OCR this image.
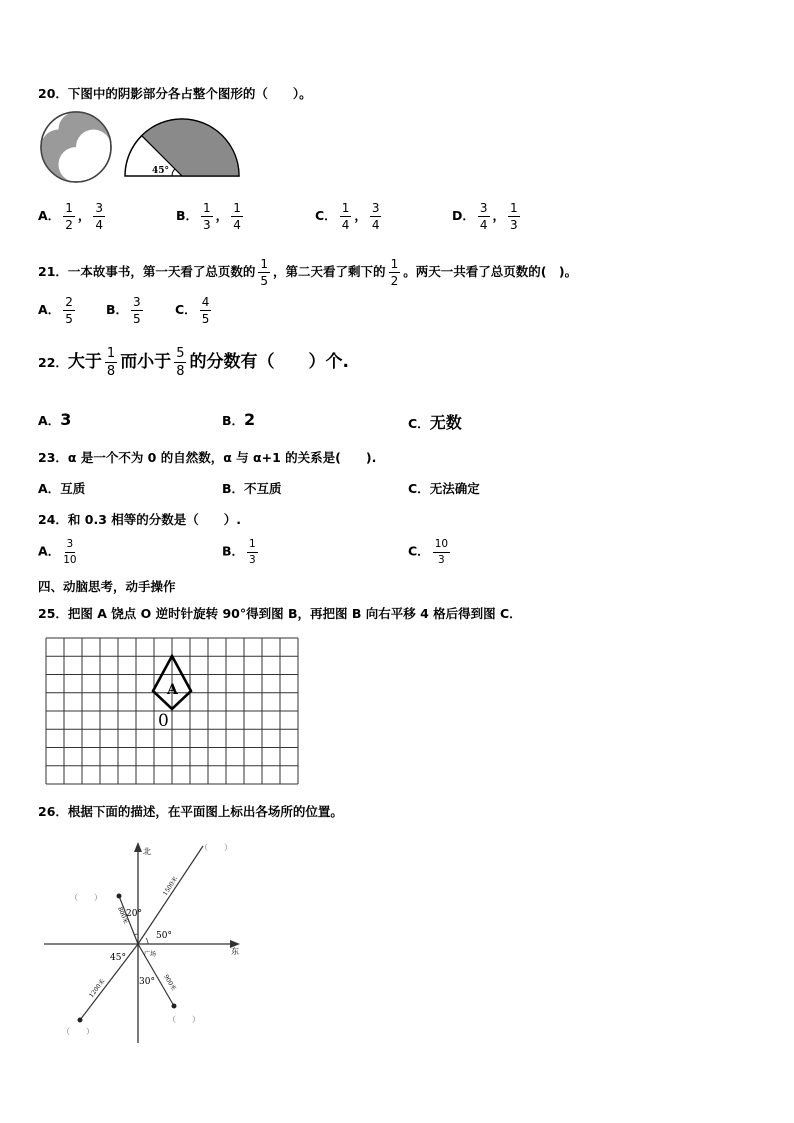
20．下图中的阴影部分各占整个图形的（　　）。
45°
A． $\frac{1}{2}$ ， $\frac{3}{4}$	B． $\frac{1}{3}$ ， $\frac{1}{4}$	C． $\frac{1}{4}$ ， $\frac{3}{4}$	D． $\frac{3}{4}$ ， $\frac{1}{3}$
21．一本故事书，第一天看了总页数的 $\frac{1}{5}$ ，第二天看了剩下的 $\frac{1}{2}$ 。两天一共看了总页数的(　)。
A． $\frac{2}{5}$ B． $\frac{3}{5}$	C． $\frac{4}{5}$
22．大于 $\frac{1}{8}$ 而小于 $\frac{5}{8}$ 的分数有（　　）个.
A．3	B．2	C．无数
23．α 是一个不为 0 的自然数，α 与 α+1 的关系是(　　).
A．互质	B．不互质	C．无法确定
24．和 0.3 相等的分数是（　　）.
A． $\frac{3}{10}$	B． $\frac{1}{3}$	C． $\frac{10}{3}$
四、动脑思考，动手操作
25．把图 A 饶点 O 逆时针旋转 90°得到图 B，再把图 B 向右平移 4 格后得到图 C．
A
0
26．根据下面的描述，在平面图上标出各场所的位置。
北
东
20°
50°
45°
30°
广场
1500米
800米
1200米	900米
（　　）
（　　）
（　　）
（　　）
